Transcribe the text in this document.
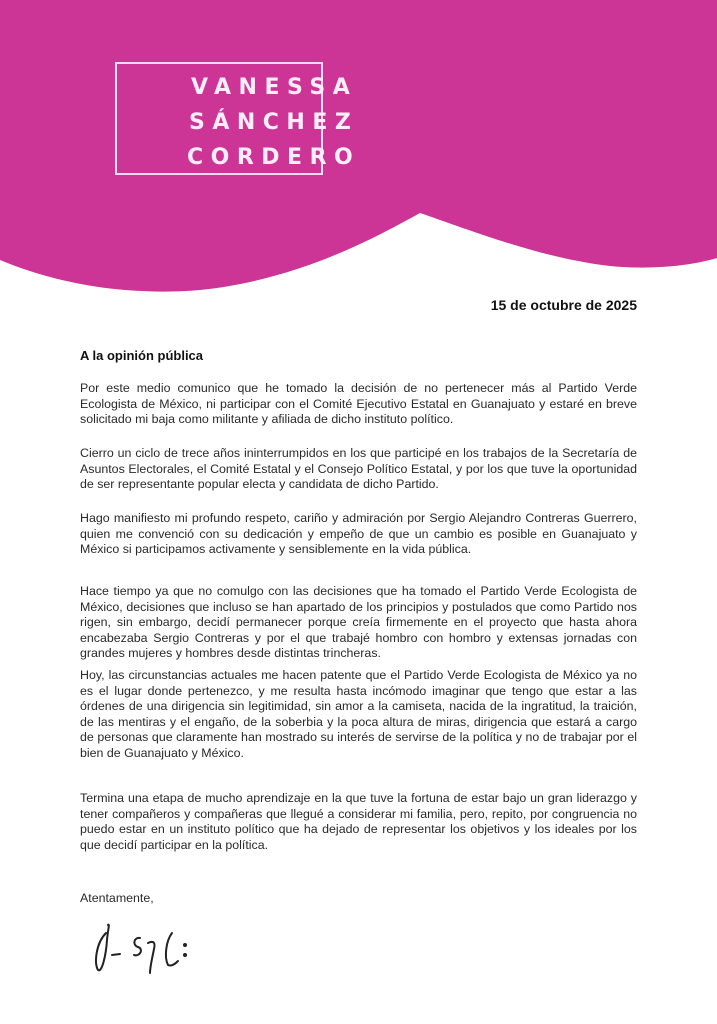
VANESSA
SÁNCHEZ
CORDERO
15 de octubre de 2025
A la opinión pública

Por este medio comunico que he tomado la decisión de no pertenecer más al Partido Verde Ecologista de México, ni participar con el Comité Ejecutivo Estatal en Guanajuato y estaré en breve solicitado mi baja como militante y afiliada de dicho instituto político.

Cierro un ciclo de trece años ininterrumpidos en los que participé en los trabajos de la Secretaría de Asuntos Electorales, el Comité Estatal y el Consejo Político Estatal, y por los que tuve la oportunidad de ser representante popular electa y candidata de dicho Partido.

Hago manifiesto mi profundo respeto, cariño y admiración por Sergio Alejandro Contreras Guerrero, quien me convenció con su dedicación y empeño de que un cambio es posible en Guanajuato y México si participamos activamente y sensiblemente en la vida pública.

Hace tiempo ya que no comulgo con las decisiones que ha tomado el Partido Verde Ecologista de México, decisiones que incluso se han apartado de los principios y postulados que como Partido nos rigen, sin embargo, decidí permanecer porque creía firmemente en el proyecto que hasta ahora encabezaba Sergio Contreras y por el que trabajé hombro con hombro y extensas jornadas con grandes mujeres y hombres desde distintas trincheras.

Hoy, las circunstancias actuales me hacen patente que el Partido Verde Ecologista de México ya no es el lugar donde pertenezco, y me resulta hasta incómodo imaginar que tengo que estar a las órdenes de una dirigencia sin legitimidad, sin amor a la camiseta, nacida de la ingratitud, la traición, de las mentiras y el engaño, de la soberbia y la poca altura de miras, dirigencia que estará a cargo de personas que claramente han mostrado su interés de servirse de la política y no de trabajar por el bien de Guanajuato y México.

Termina una etapa de mucho aprendizaje en la que tuve la fortuna de estar bajo un gran liderazgo y tener compañeros y compañeras que llegué a considerar mi familia, pero, repito, por congruencia no puedo estar en un instituto político que ha dejado de representar los objetivos y los ideales por los que decidí participar en la política.

Atentamente,
